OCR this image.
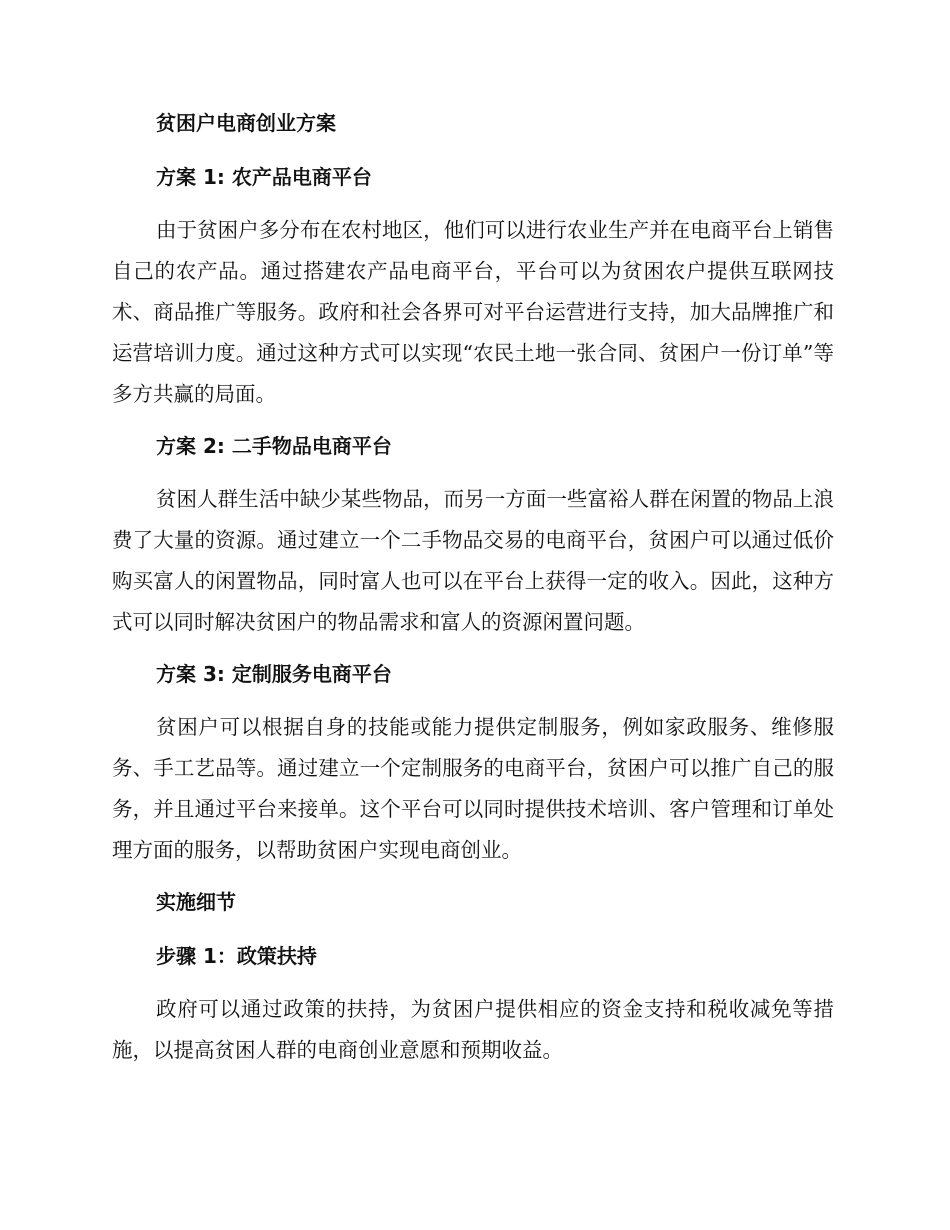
贫困户电商创业方案
方案 1: 农产品电商平台

由于贫困户多分布在农村地区，他们可以进行农业生产并在电商平台上销售自己的农产品。通过搭建农产品电商平台，平台可以为贫困农户提供互联网技术、商品推广等服务。政府和社会各界可对平台运营进行支持，加大品牌推广和运营培训力度。通过这种方式可以实现“农民土地一张合同、贫困户一份订单”等多方共赢的局面。

方案 2: 二手物品电商平台

贫困人群生活中缺少某些物品，而另一方面一些富裕人群在闲置的物品上浪费了大量的资源。通过建立一个二手物品交易的电商平台，贫困户可以通过低价购买富人的闲置物品，同时富人也可以在平台上获得一定的收入。因此，这种方式可以同时解决贫困户的物品需求和富人的资源闲置问题。

方案 3: 定制服务电商平台

贫困户可以根据自身的技能或能力提供定制服务，例如家政服务、维修服务、手工艺品等。通过建立一个定制服务的电商平台，贫困户可以推广自己的服务，并且通过平台来接单。这个平台可以同时提供技术培训、客户管理和订单处理方面的服务，以帮助贫困户实现电商创业。

实施细节
步骤 1：政策扶持

政府可以通过政策的扶持，为贫困户提供相应的资金支持和税收减免等措施，以提高贫困人群的电商创业意愿和预期收益。
